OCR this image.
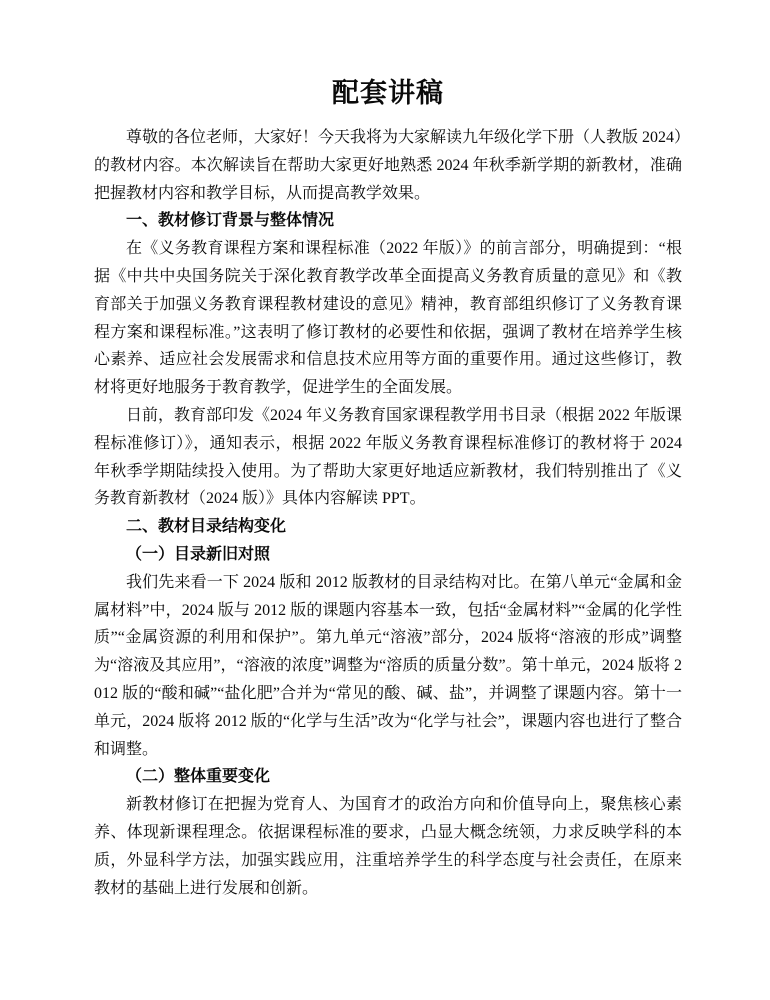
配套讲稿

尊敬的各位老师，大家好！今天我将为大家解读九年级化学下册（人教版 2024）的教材内容。本次解读旨在帮助大家更好地熟悉 2024 年秋季新学期的新教材，准确把握教材内容和教学目标，从而提高教学效果。

一、教材修订背景与整体情况

在《义务教育课程方案和课程标准（2022 年版）》的前言部分，明确提到：“根据《中共中央国务院关于深化教育教学改革全面提高义务教育质量的意见》和《教育部关于加强义务教育课程教材建设的意见》精神，教育部组织修订了义务教育课程方案和课程标准。”这表明了修订教材的必要性和依据，强调了教材在培养学生核心素养、适应社会发展需求和信息技术应用等方面的重要作用。通过这些修订，教材将更好地服务于教育教学，促进学生的全面发展。

日前，教育部印发《2024 年义务教育国家课程教学用书目录（根据 2022 年版课程标准修订）》，通知表示，根据 2022 年版义务教育课程标准修订的教材将于 2024 年秋季学期陆续投入使用。为了帮助大家更好地适应新教材，我们特别推出了《义务教育新教材（2024 版）》具体内容解读 PPT。

二、教材目录结构变化
（一）目录新旧对照

我们先来看一下 2024 版和 2012 版教材的目录结构对比。在第八单元“金属和金属材料”中，2024 版与 2012 版的课题内容基本一致，包括“金属材料”“金属的化学性质”“金属资源的利用和保护”。第九单元“溶液”部分，2024 版将“溶液的形成”调整为“溶液及其应用”，“溶液的浓度”调整为“溶质的质量分数”。第十单元，2024 版将 2012 版的“酸和碱”“盐化肥”合并为“常见的酸、碱、盐”，并调整了课题内容。第十一单元，2024 版将 2012 版的“化学与生活”改为“化学与社会”，课题内容也进行了整合和调整。

（二）整体重要变化

新教材修订在把握为党育人、为国育才的政治方向和价值导向上，聚焦核心素养、体现新课程理念。依据课程标准的要求，凸显大概念统领，力求反映学科的本质，外显科学方法，加强实践应用，注重培养学生的科学态度与社会责任，在原来教材的基础上进行发展和创新。
